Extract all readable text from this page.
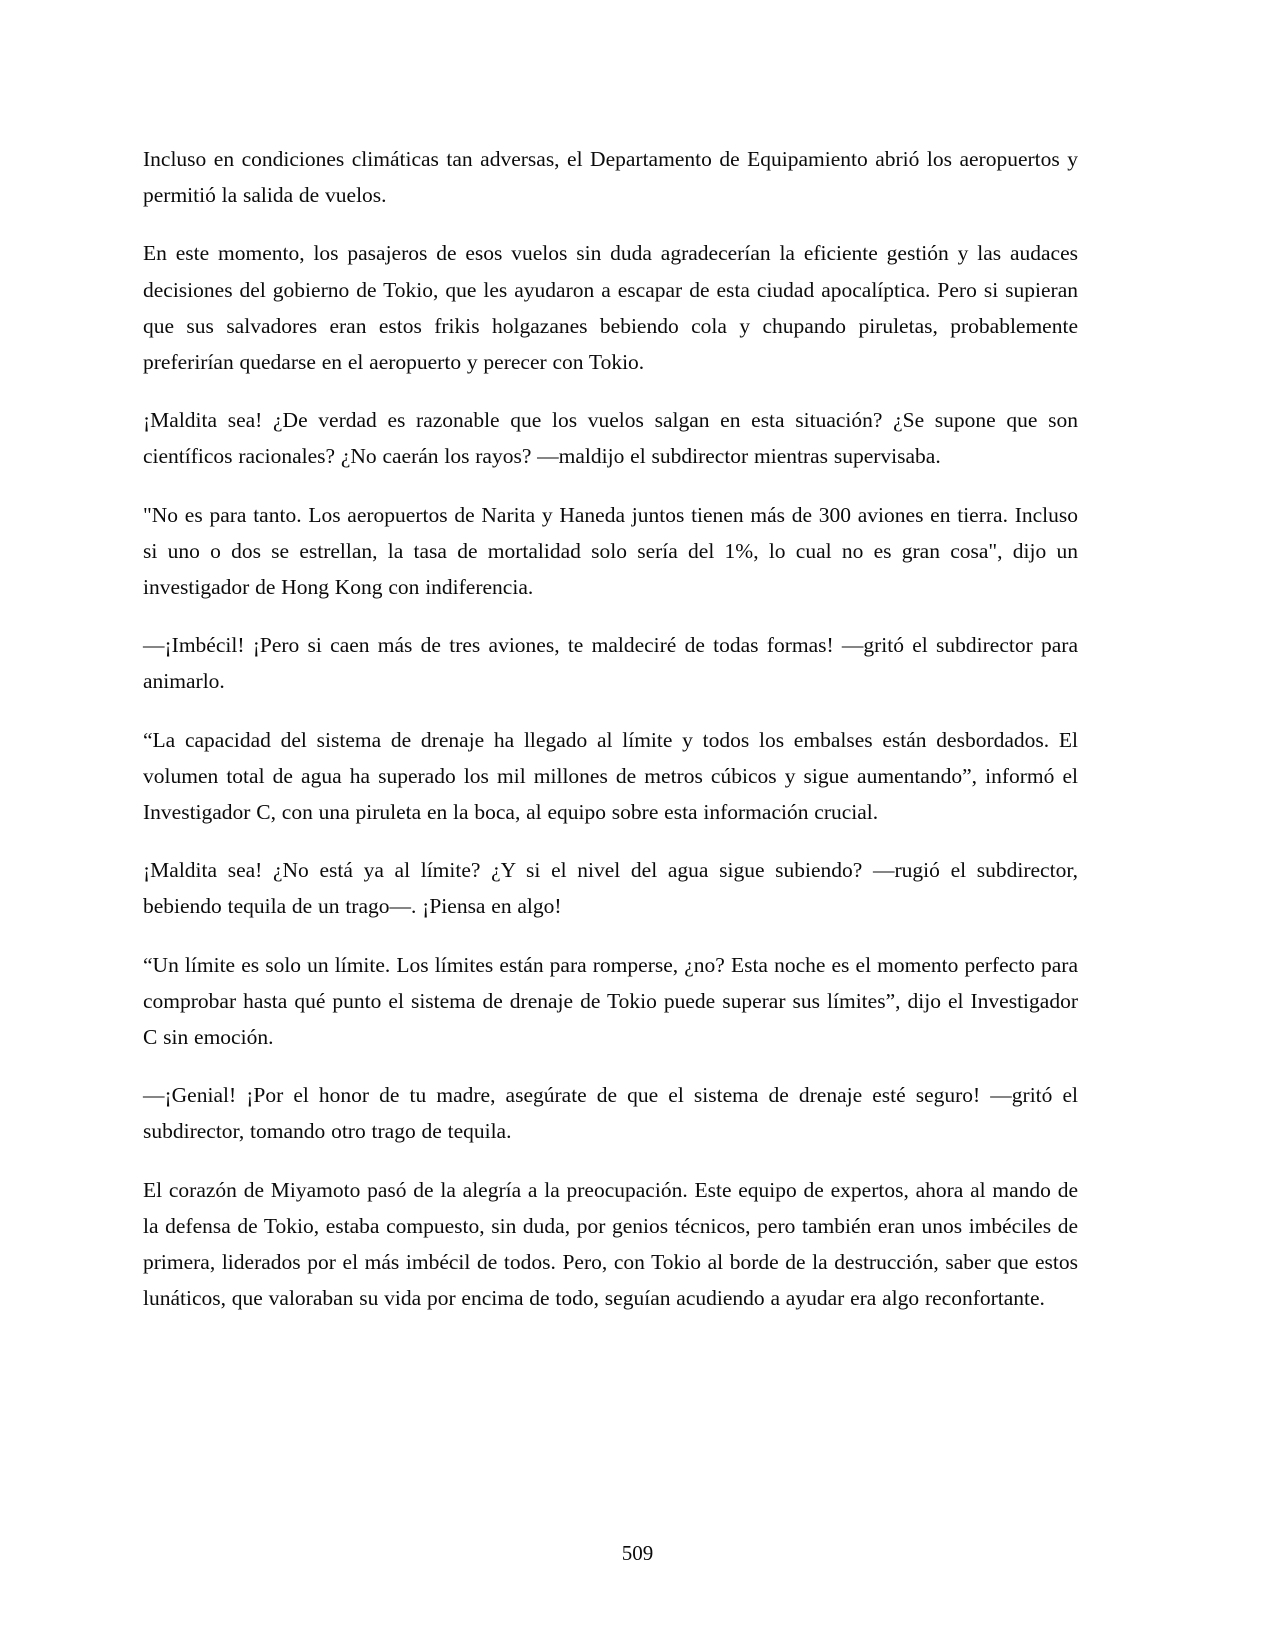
Incluso en condiciones climáticas tan adversas, el Departamento de Equipamiento abrió los aeropuertos y permitió la salida de vuelos.

En este momento, los pasajeros de esos vuelos sin duda agradecerían la eficiente gestión y las audaces decisiones del gobierno de Tokio, que les ayudaron a escapar de esta ciudad apocalíptica. Pero si supieran que sus salvadores eran estos frikis holgazanes bebiendo cola y chupando piruletas, probablemente preferirían quedarse en el aeropuerto y perecer con Tokio.

¡Maldita sea! ¿De verdad es razonable que los vuelos salgan en esta situación? ¿Se supone que son científicos racionales? ¿No caerán los rayos? —maldijo el subdirector mientras supervisaba.

"No es para tanto. Los aeropuertos de Narita y Haneda juntos tienen más de 300 aviones en tierra. Incluso si uno o dos se estrellan, la tasa de mortalidad solo sería del 1%, lo cual no es gran cosa", dijo un investigador de Hong Kong con indiferencia.

—¡Imbécil! ¡Pero si caen más de tres aviones, te maldeciré de todas formas! —gritó el subdirector para animarlo.

“La capacidad del sistema de drenaje ha llegado al límite y todos los embalses están desbordados. El volumen total de agua ha superado los mil millones de metros cúbicos y sigue aumentando”, informó el Investigador C, con una piruleta en la boca, al equipo sobre esta información crucial.

¡Maldita sea! ¿No está ya al límite? ¿Y si el nivel del agua sigue subiendo? —rugió el subdirector, bebiendo tequila de un trago—. ¡Piensa en algo!

“Un límite es solo un límite. Los límites están para romperse, ¿no? Esta noche es el momento perfecto para comprobar hasta qué punto el sistema de drenaje de Tokio puede superar sus límites”, dijo el Investigador C sin emoción.

—¡Genial! ¡Por el honor de tu madre, asegúrate de que el sistema de drenaje esté seguro! —gritó el subdirector, tomando otro trago de tequila.

El corazón de Miyamoto pasó de la alegría a la preocupación. Este equipo de expertos, ahora al mando de la defensa de Tokio, estaba compuesto, sin duda, por genios técnicos, pero también eran unos imbéciles de primera, liderados por el más imbécil de todos. Pero, con Tokio al borde de la destrucción, saber que estos lunáticos, que valoraban su vida por encima de todo, seguían acudiendo a ayudar era algo reconfortante.

509
